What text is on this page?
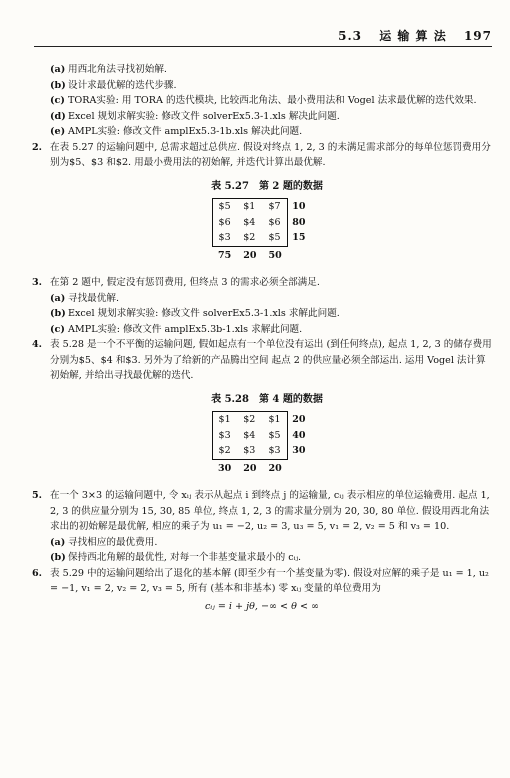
5.3 运 输 算 法 197
(a) 用西北角法寻找初始解.
(b) 设计求最优解的迭代步骤.
(c) TORA实验: 用 TORA 的迭代模块, 比较西北角法、最小费用法和 Vogel 法求最优解的迭代效果.
(d) Excel 规划求解实验: 修改文件 solverEx5.3-1.xls 解决此问题.
(e) AMPL实验: 修改文件 amplEx5.3-1b.xls 解决此问题.
2. 在表 5.27 的运输问题中, 总需求超过总供应. 假设对终点 1, 2, 3 的未满足需求部分的每单位惩罚费用分别为$5、$3 和$2. 用最小费用法的初始解, 并迭代计算出最优解.
表 5.27 第 2 题的数据
$5	$1	$7	10
$6	$4	$6	80
$3	$2	$5	15
75	20	50	
3. 在第 2 题中, 假定没有惩罚费用, 但终点 3 的需求必须全部满足.
(a) 寻找最优解.
(b) Excel 规划求解实验: 修改文件 solverEx5.3-1.xls 求解此问题.
(c) AMPL实验: 修改文件 amplEx5.3b-1.xls 求解此问题.
4. 表 5.28 是一个不平衡的运输问题, 假如起点有一个单位没有运出 (到任何终点), 起点 1, 2, 3 的储存费用分别为$5、$4 和$3. 另外为了给新的产品腾出空间 起点 2 的供应量必须全部运出. 运用 Vogel 法计算初始解, 并给出寻找最优解的迭代.
表 5.28 第 4 题的数据
$1	$2	$1	20
$3	$4	$5	40
$2	$3	$3	30
30	20	20	
5. 在一个 3×3 的运输问题中, 令 xᵢⱼ 表示从起点 i 到终点 j 的运输量, cᵢⱼ 表示相应的单位运输费用. 起点 1, 2, 3 的供应量分别为 15, 30, 85 单位, 终点 1, 2, 3 的需求量分别为 20, 30, 80 单位. 假设用西北角法求出的初始解是最优解, 相应的乘子为 u₁ = −2, u₂ = 3, u₃ = 5, v₁ = 2, v₂ = 5 和 v₃ = 10.
(a) 寻找相应的最优费用.
(b) 保持西北角解的最优性, 对每一个非基变量求最小的 cᵢⱼ.
6. 表 5.29 中的运输问题给出了退化的基本解 (即至少有一个基变量为零). 假设对应解的乘子是 u₁ = 1, u₂ = −1, v₁ = 2, v₂ = 2, v₃ = 5, 所有 (基本和非基本) 零 xᵢⱼ 变量的单位费用为
cᵢⱼ = i + jθ, −∞ < θ < ∞
